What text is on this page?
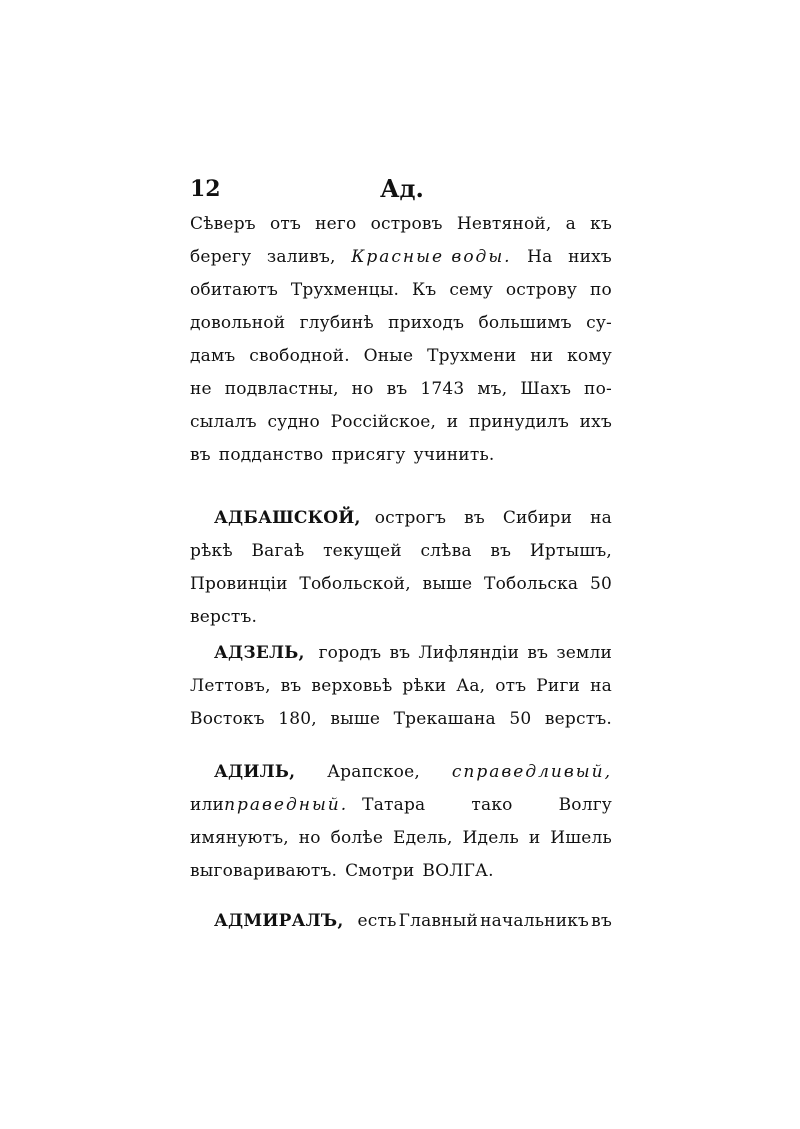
12	Ад.
Сѣверъ отъ него островъ Невтяной, а къ
берегу заливъ, Красные воды. На нихъ
обитаютъ Трухменцы. Къ сему острову по
довольной глубинѣ приходъ большимъ су-
дамъ свободной. Оные Трухмени ни кому
не подвластны, но въ 1743 мъ, Шахъ по-
сылалъ судно Россійское, и принудилъ ихъ
въ подданство присягу учинить.
АДБАШСКОЙ, острогъ въ Сибири на
рѣкѣ Вагаѣ текущей слѣва въ Иртышъ,
Провинціи Тобольской, выше Тобольска 50
верстъ.
АДЗЕЛЬ, городъ въ Лифляндіи въ земли
Леттовъ, въ верховьѣ рѣки Аа, отъ Риги на
Востокъ 180, выше Трекашана 50 верстъ.
АДИЛЬ, Арапское, справедливый,
или праведный. Татара	тако	Волгу
имянуютъ, но болѣе Едель, Идель и Ишель
выговариваютъ. Смотри ВОЛГА.
АДМИРАЛЪ, есть Главный начальникъ въ
